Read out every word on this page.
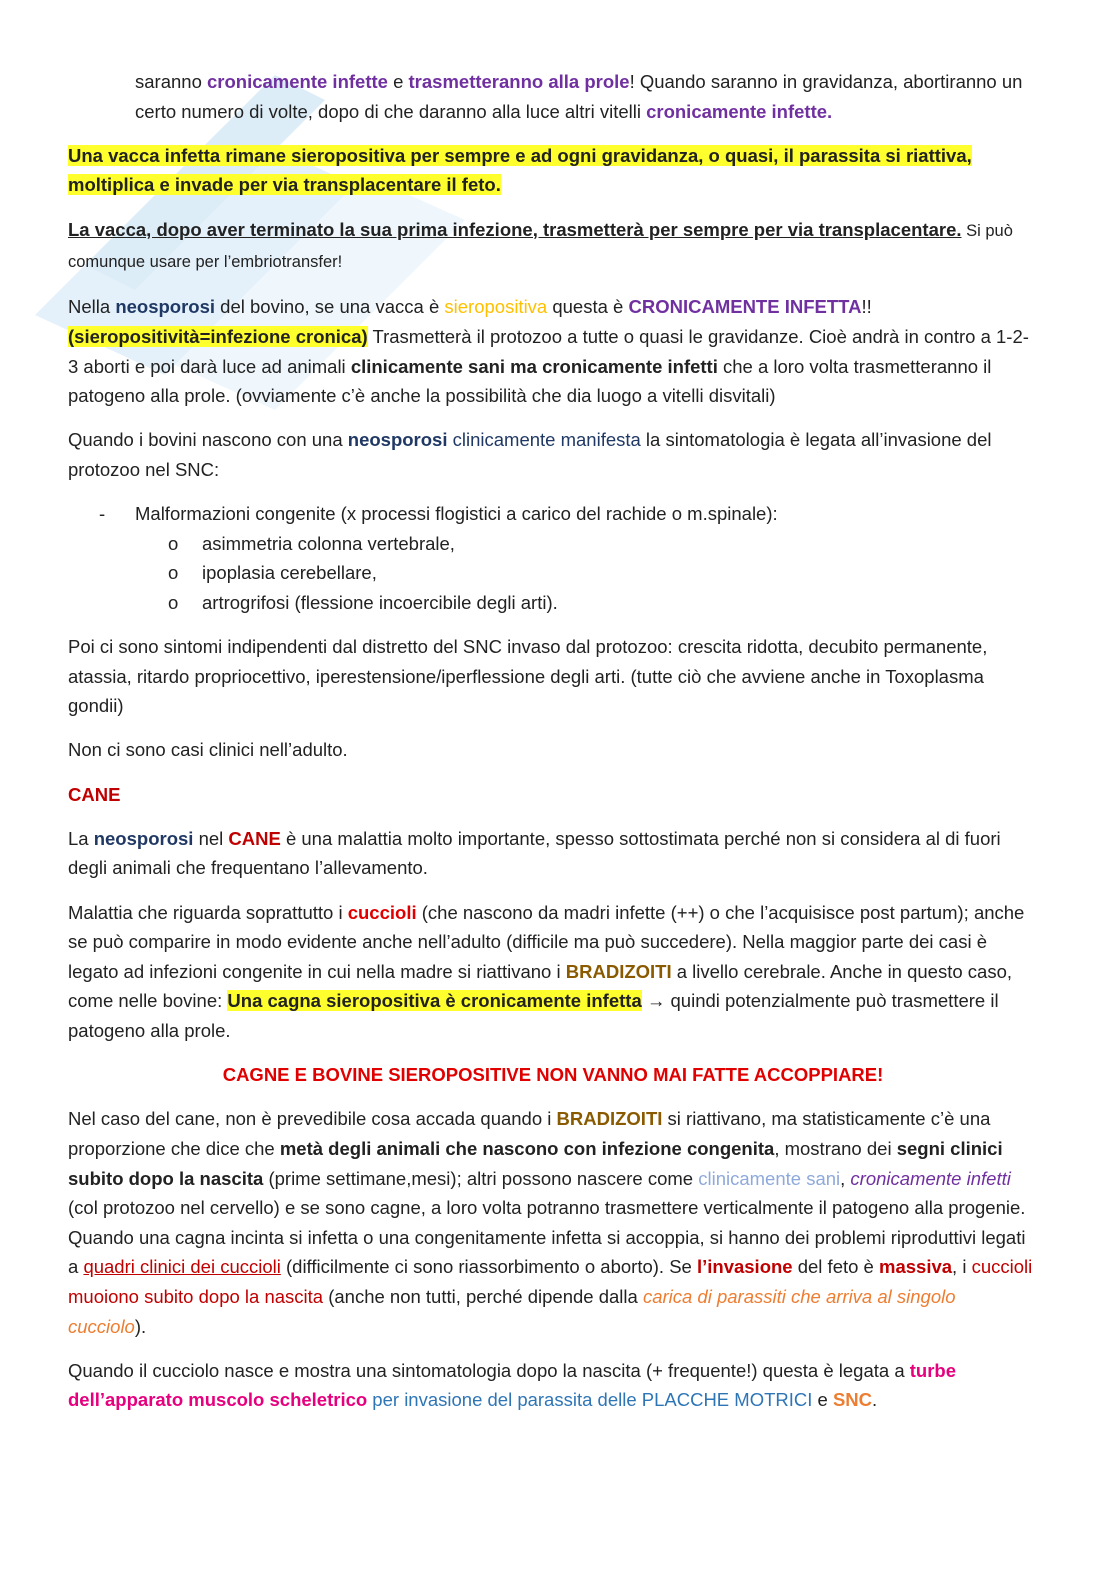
saranno cronicamente infette e trasmetteranno alla prole! Quando saranno in gravidanza, abortiranno un certo numero di volte, dopo di che daranno alla luce altri vitelli cronicamente infette.

Una vacca infetta rimane sieropositiva per sempre e ad ogni gravidanza, o quasi, il parassita si riattiva, moltiplica e invade per via transplacentare il feto.

La vacca, dopo aver terminato la sua prima infezione, trasmetterà per sempre per via transplacentare. Si può comunque usare per l’embriotransfer!

Nella neosporosi del bovino, se una vacca è sieropositiva questa è CRONICAMENTE INFETTA!! (sieropositività=infezione cronica) Trasmetterà il protozoo a tutte o quasi le gravidanze. Cioè andrà in contro a 1-2-3 aborti e poi darà luce ad animali clinicamente sani ma cronicamente infetti che a loro volta trasmetteranno il patogeno alla prole. (ovviamente c’è anche la possibilità che dia luogo a vitelli disvitali)

Quando i bovini nascono con una neosporosi clinicamente manifesta la sintomatologia è legata all’invasione del protozoo nel SNC:

- Malformazioni congenite (x processi flogistici a carico del rachide o m.spinale):
o asimmetria colonna vertebrale,
o ipoplasia cerebellare,
o artrogrifosi (flessione incoercibile degli arti).

Poi ci sono sintomi indipendenti dal distretto del SNC invaso dal protozoo: crescita ridotta, decubito permanente, atassia, ritardo propriocettivo, iperestensione/iperflessione degli arti. (tutte ciò che avviene anche in Toxoplasma gondii)

Non ci sono casi clinici nell’adulto.

CANE

La neosporosi nel CANE è una malattia molto importante, spesso sottostimata perché non si considera al di fuori degli animali che frequentano l’allevamento.

Malattia che riguarda soprattutto i cuccioli (che nascono da madri infette (++) o che l’acquisisce post partum); anche se può comparire in modo evidente anche nell’adulto (difficile ma può succedere). Nella maggior parte dei casi è legato ad infezioni congenite in cui nella madre si riattivano i BRADIZOITI a livello cerebrale. Anche in questo caso, come nelle bovine: Una cagna sieropositiva è cronicamente infetta → quindi potenzialmente può trasmettere il patogeno alla prole.

CAGNE E BOVINE SIEROPOSITIVE NON VANNO MAI FATTE ACCOPPIARE!

Nel caso del cane, non è prevedibile cosa accada quando i BRADIZOITI si riattivano, ma statisticamente c’è una proporzione che dice che metà degli animali che nascono con infezione congenita, mostrano dei segni clinici subito dopo la nascita (prime settimane,mesi); altri possono nascere come clinicamente sani, cronicamente infetti (col protozoo nel cervello) e se sono cagne, a loro volta potranno trasmettere verticalmente il patogeno alla progenie. Quando una cagna incinta si infetta o una congenitamente infetta si accoppia, si hanno dei problemi riproduttivi legati a quadri clinici dei cuccioli (difficilmente ci sono riassorbimento o aborto). Se l’invasione del feto è massiva, i cuccioli muoiono subito dopo la nascita (anche non tutti, perché dipende dalla carica di parassiti che arriva al singolo cucciolo).

Quando il cucciolo nasce e mostra una sintomatologia dopo la nascita (+ frequente!) questa è legata a turbe dell’apparato muscolo scheletrico per invasione del parassita delle PLACCHE MOTRICI e SNC.
